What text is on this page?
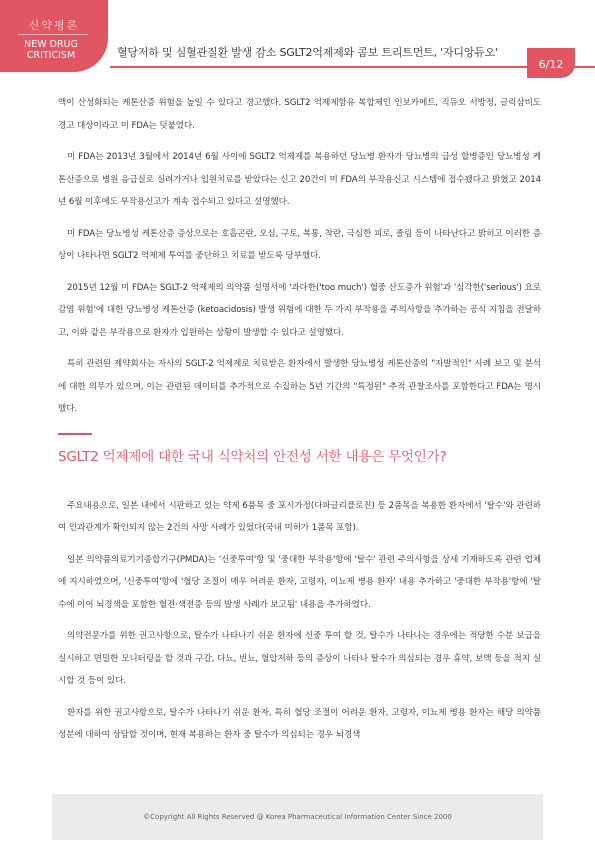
신약평론
NEW DRUG
CRITICISM	혈당저하 및 심혈관질환 발생 감소 SGLT2억제제와 콤보 트리트먼트, '자디앙듀오'
6/12

액이 산성화되는 케톤산증 위험을 높일 수 있다고 경고했다. SGLT2 억제제함유 복합제인 인보카메트, 직듀오 서방정, 글릭삼비도 경고 대상이라고 미 FDA는 덧붙였다.

미 FDA는 2013년 3월에서 2014년 6월 사이에 SGLT2 억제제를 복용하던 당뇨병 환자가 당뇨병의 급성 합병증인 당뇨병성 케톤산증으로 병원 응급실로 실려가거나 입원치료를 받았다는 신고 20건이 미 FDA의 부작용신고 시스템에 접수됐다고 밝혔고 2014년 6월 이후에도 부작용신고가 계속 접수되고 있다고 설명했다.

미 FDA는 당뇨병성 케톤산증 증상으로는 호흡곤란, 오심, 구토, 복통, 착란, 극심한 피로, 졸림 등이 나타난다고 밝히고 이러한 증상이 나타나면 SGLT2 억제제 투여를 중단하고 치료를 받도록 당부했다.

2015년 12월 미 FDA는 SGLT-2 억제제의 의약품 설명서에 '과다한('too much') 혈중 산도증가 위험'과 '심각한('serious') 요로 감염 위험'에 대한 당뇨병성 케톤산증 (ketoacidosis) 발생 위험에 대한 두 가지 부작용을 주의사항을 추가하는 공식 지침을 전달하고, 이와 같은 부작용으로 환자가 입원하는 상황이 발생할 수 있다고 설명했다.

특히 관련된 제약회사는 자사의 SGLT-2 억제제로 치료받은 환자에서 발생한 당뇨병성 케톤산증의 "자발적인" 사례 보고 및 분석에 대한 의무가 있으며, 이는 관련된 데이터를 추가적으로 수집하는 5년 기간의 "특정된" 추적 관찰조사를 포함한다고 FDA는 명시했다.

SGLT2 억제제에 대한 국내 식약처의 안전성 서한 내용은 무엇인가?

주요내용으로, 일본 내에서 시판하고 있는 약제 6품목 중 포시가정(다파글리플로진) 등 2품목을 복용한 환자에서 '탈수'와 관련하여 인과관계가 확인되지 않는 2건의 사망 사례가 있었다(국내 미허가 1품목 포함).

일본 의약품의료기기종합기구(PMDA)는 '신중투여'항 및 '중대한 부작용'항에 '탈수' 관련 주의사항을 상세 기재하도록 관련 업체에 지시하였으며, '신중투여'항에 '혈당 조절이 매우 어려운 환자, 고령자, 이뇨제 병용 환자' 내용 추가하고 '중대한 부작용'항에 '탈수에 이어 뇌경색을 포함한 혈전·색전증 등의 발생 사례가 보고됨' 내용을 추가하였다.

의약전문가를 위한 권고사항으로, 탈수가 나타나기 쉬운 환자에 신중 투여 할 것, 탈수가 나타나는 경우에는 적당한 수분 보급을 실시하고 면밀한 모니터링을 할 것과 구갈, 다뇨, 빈뇨, 혈압저하 등의 증상이 나타나 탈수가 의심되는 경우 휴약, 보액 등을 적지 실시할 것 등이 있다.

환자를 위한 권고사항으로, 탈수가 나타나기 쉬운 환자, 특히 혈당 조절이 어려운 환자, 고령자, 이뇨제 병용 환자는 해당 의약품 성분에 대하여 상담할 것이며, 현재 복용하는 환자 중 탈수가 의심되는 경우 뇌경색

©Copyright All Rights Reserved @ Korea Pharmaceutical Information Center Since 2000
